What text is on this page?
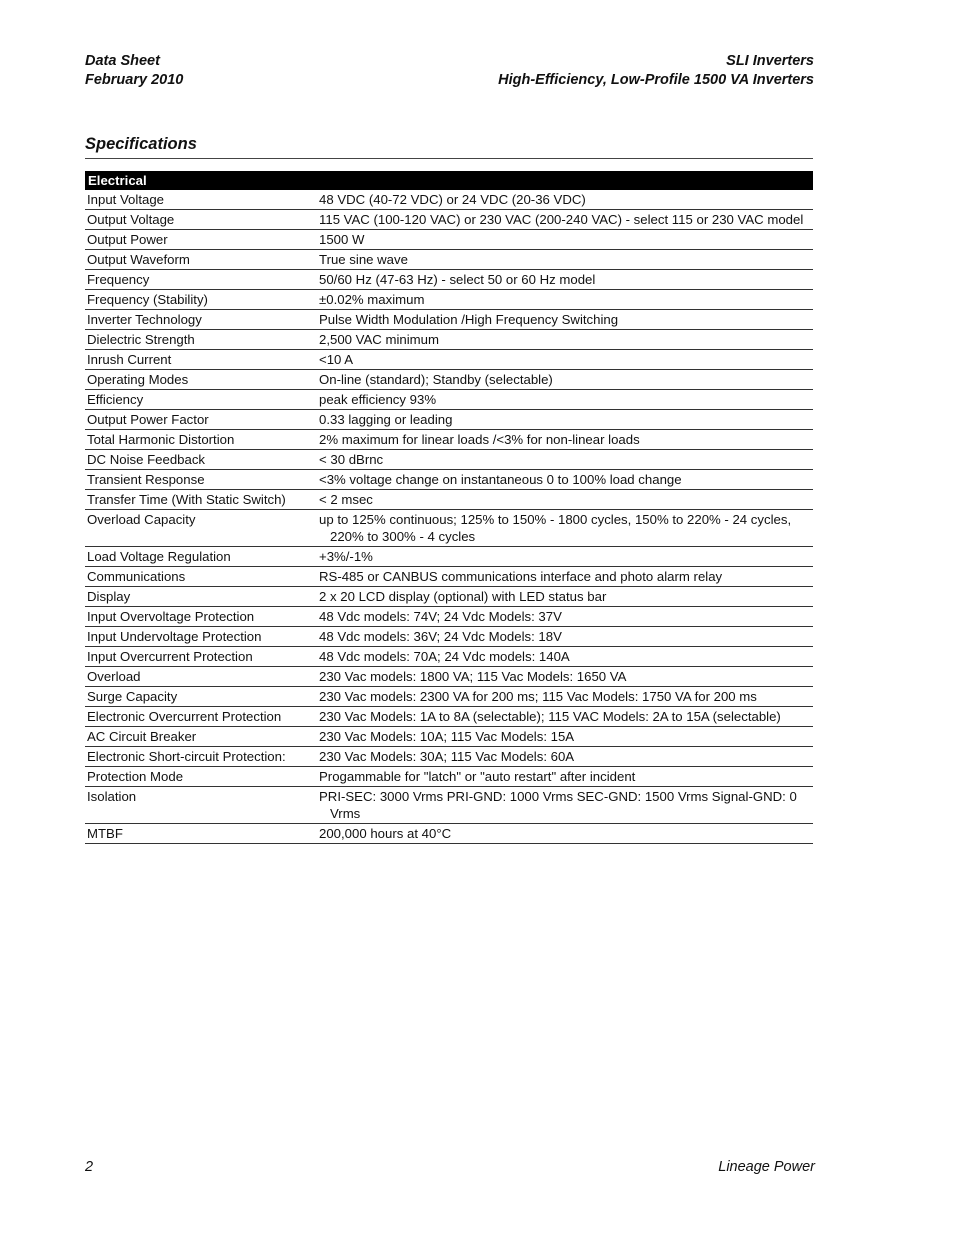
Data Sheet
February 2010
SLI Inverters
High-Efficiency, Low-Profile 1500 VA Inverters
Specifications
Electrical	
Input Voltage	48 VDC (40-72 VDC) or 24 VDC (20-36 VDC)

Output Voltage	115 VAC (100-120 VAC) or 230 VAC (200-240 VAC) - select 115 or 230 VAC model

Output Power	1500 W

Output Waveform	True sine wave

Frequency	50/60 Hz (47-63 Hz) - select 50 or 60 Hz model

Frequency (Stability)	±0.02% maximum

Inverter Technology	Pulse Width Modulation /High Frequency Switching

Dielectric Strength	2,500 VAC minimum

Inrush Current	<10 A

Operating Modes	On-line (standard); Standby (selectable)

Efficiency	peak efficiency 93%

Output Power Factor	0.33 lagging or leading

Total Harmonic Distortion	2% maximum for linear loads /<3% for non-linear loads

DC Noise Feedback	< 30 dBrnc

Transient Response	<3% voltage change on instantaneous 0 to 100% load change

Transfer Time (With Static Switch)	< 2 msec

Overload Capacity	up to 125% continuous; 125% to 150% - 1800 cycles, 150% to 220% - 24 cycles, 220% to 300% - 4 cycles

Load Voltage Regulation	+3%/-1%

Communications	RS-485 or CANBUS communications interface and photo alarm relay

Display	2 x 20 LCD display (optional) with LED status bar

Input Overvoltage Protection	48 Vdc models: 74V; 24 Vdc Models: 37V

Input Undervoltage Protection	48 Vdc models: 36V; 24 Vdc Models: 18V

Input Overcurrent Protection	48 Vdc models: 70A; 24 Vdc models: 140A

Overload	230 Vac models: 1800 VA; 115 Vac Models: 1650 VA

Surge Capacity	230 Vac models: 2300 VA for 200 ms; 115 Vac Models: 1750 VA for 200 ms

Electronic Overcurrent Protection	230 Vac Models: 1A to 8A (selectable); 115 VAC Models: 2A to 15A (selectable)

AC Circuit Breaker	230 Vac Models: 10A; 115 Vac Models: 15A

Electronic Short-circuit Protection:	230 Vac Models: 30A; 115 Vac Models: 60A

Protection Mode	Progammable for "latch" or "auto restart" after incident

Isolation	PRI-SEC: 3000 Vrms PRI-GND: 1000 Vrms SEC-GND: 1500 Vrms Signal-GND: 0 Vrms

MTBF	200,000 hours at 40°C
2	Lineage Power
